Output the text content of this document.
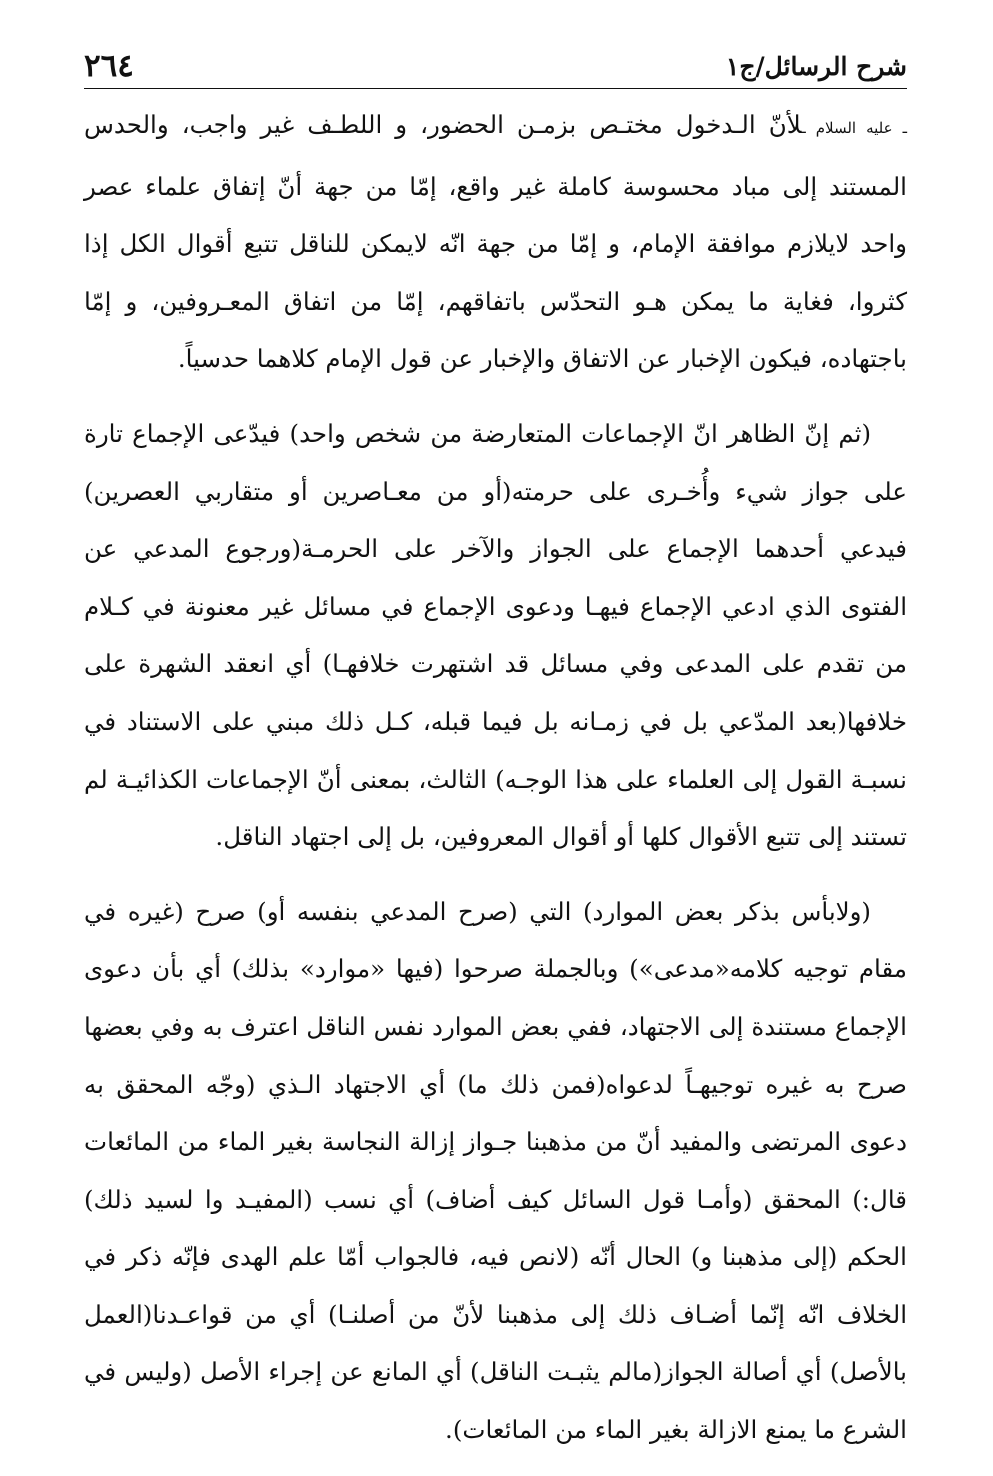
شرح الرسائل/ج١
٢٦٤

ـ عليه السلام ـلأنّ الـدخول مختـص بزمـن الحضور، و اللطـف غير واجب، والحدس المستند إلى مباد محسوسة كاملة غير واقع، إمّا من جهة أنّ إتفاق علماء عصر واحد لايلازم موافقة الإمام، و إمّا من جهة انّه لايمكن للناقل تتبع أقوال الكل إذا كثروا، فغاية ما يمكن هـو التحدّس باتفاقهم، إمّا من اتفاق المعـروفين، و إمّا باجتهاده، فيكون الإخبار عن الاتفاق والإخبار عن قول الإمام كلاهما حدسياً.

(ثم إنّ الظاهر انّ الإجماعات المتعارضة من شخص واحد) فيدّعى الإجماع تارة على جواز شيء وأُخـرى على حرمته(أو من معـاصرين أو متقاربي العصرين) فيدعي أحدهما الإجماع على الجواز والآخر على الحرمـة(ورجوع المدعي عن الفتوى الذي ادعي الإجماع فيهـا ودعوى الإجماع في مسائل غير معنونة في كـلام من تقدم على المدعى وفي مسائل قد اشتهرت خلافهـا) أي انعقد الشهرة على خلافها(بعد المدّعي بل في زمـانه بل فيما قبله، كـل ذلك مبني على الاستناد في نسبـة القول إلى العلماء على هذا الوجـه) الثالث، بمعنى أنّ الإجماعات الكذائيـة لم تستند إلى تتبع الأقوال كلها أو أقوال المعروفين، بل إلى اجتهاد الناقل.

(ولابأس بذكر بعض الموارد) التي (صرح المدعي بنفسه أو) صرح (غيره في مقام توجيه كلامه«مدعى») وبالجملة صرحوا (فيها «موارد» بذلك) أي بأن دعوى الإجماع مستندة إلى الاجتهاد، ففي بعض الموارد نفس الناقل اعترف به وفي بعضها صرح به غيره توجيهـاً لدعواه(فمن ذلك ما) أي الاجتهاد الـذي (وجّه المحقق به دعوى المرتضى والمفيد أنّ من مذهبنا جـواز إزالة النجاسة بغير الماء من المائعات قال:) المحقق (وأمـا قول السائل كيف أضاف) أي نسب (المفيـد وا لسيد ذلك) الحكم (إلى مذهبنا و) الحال أنّه (لانص فيه، فالجواب أمّا علم الهدى فإنّه ذكر في الخلاف انّه إنّما أضـاف ذلك إلى مذهبنا لأنّ من أصلنـا) أي من قواعـدنا(العمل بالأصل) أي أصالة الجواز(مالم يثبـت الناقل) أي المانع عن إجراء الأصل (وليس في الشرع ما يمنع الازالة بغير الماء من المائعات).
